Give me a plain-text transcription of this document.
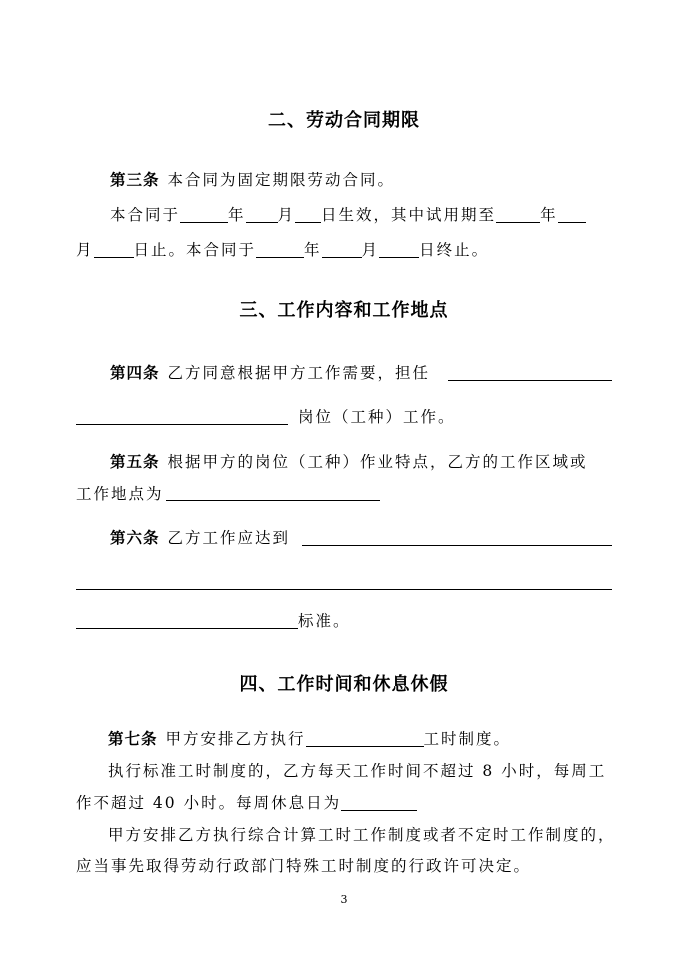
二、劳动合同期限
第三条 本合同为固定期限劳动合同。
本合同于	年 月 日生效，其中试用期至	年
月	日止。本合同于	年	月	日终止。
三、工作内容和工作地点
第四条 乙方同意根据甲方工作需要，担任
岗位（工种）工作。
第五条 根据甲方的岗位（工种）作业特点，乙方的工作区域或
工作地点为
第六条 乙方工作应达到
标准。
四、工作时间和休息休假
第七条 甲方安排乙方执行	工时制度。
执行标准工时制度的，乙方每天工作时间不超过 8 小时，每周工
作不超过 40 小时。每周休息日为
甲方安排乙方执行综合计算工时工作制度或者不定时工作制度的，
应当事先取得劳动行政部门特殊工时制度的行政许可决定。
3
